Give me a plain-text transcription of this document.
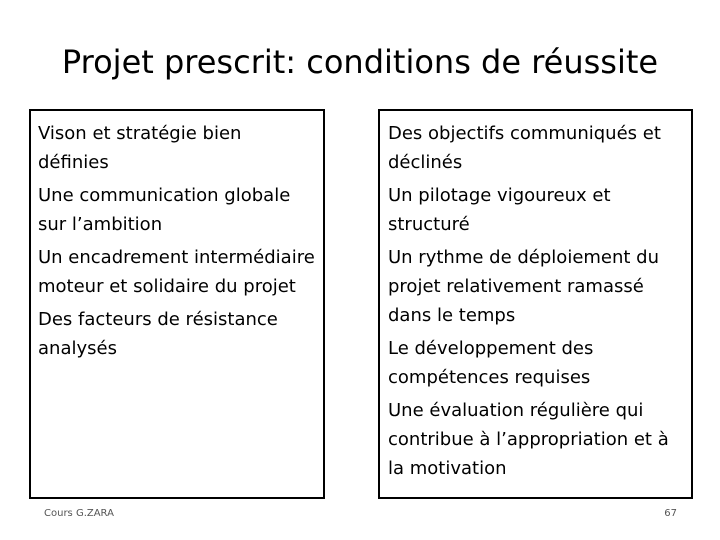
Projet prescrit: conditions de réussite
Vison et stratégie bien définies
Une communication globale sur l’ambition
Un encadrement intermédiaire moteur et solidaire du projet
Des facteurs de résistance analysés
Des objectifs communiqués et déclinés
Un pilotage vigoureux et structuré
Un rythme de déploiement du projet relativement ramassé dans le temps
Le développement des compétences requises
Une évaluation régulière qui contribue à l’appropriation et à la motivation
Cours G.ZARA	67
